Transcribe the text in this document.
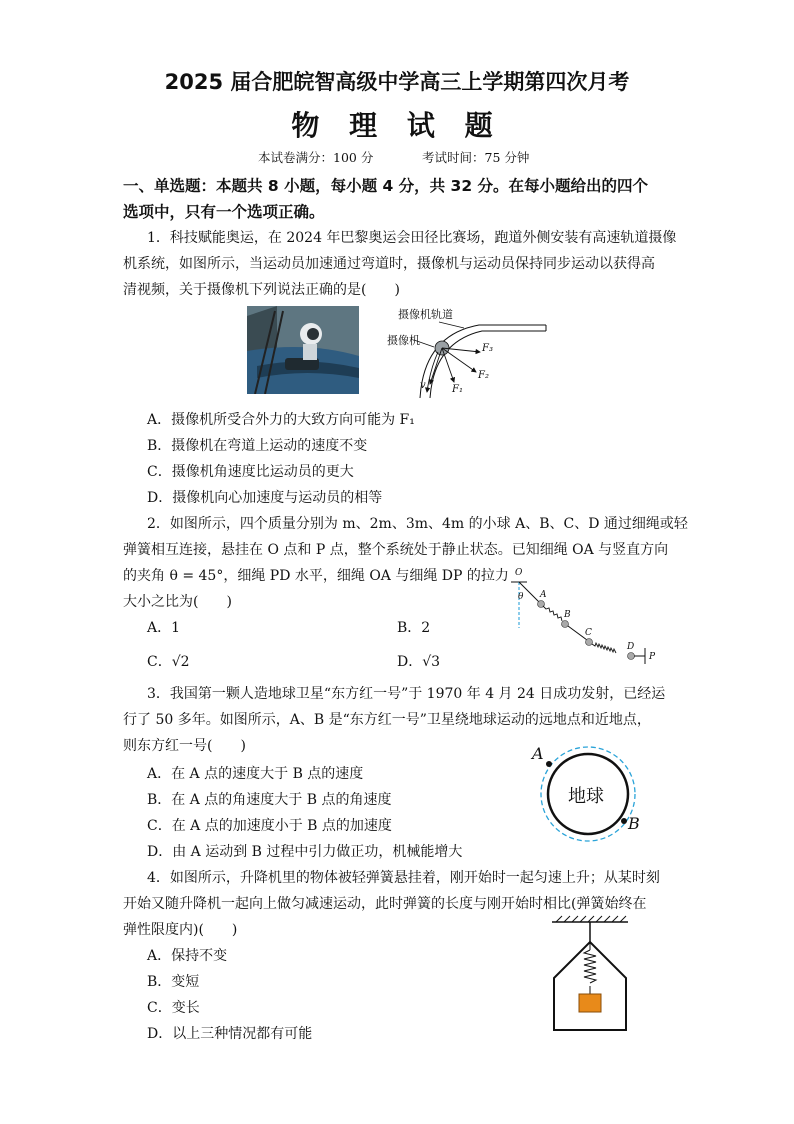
2025 届合肥皖智高级中学高三上学期第四次月考
物 理 试 题
本试卷满分：100 分	考试时间：75 分钟
一、单选题：本题共 8 小题，每小题 4 分，共 32 分。在每小题给出的四个
选项中，只有一个选项正确。
1．科技赋能奥运，在 2024 年巴黎奥运会田径比赛场，跑道外侧安装有高速轨道摄像
机系统，如图所示，当运动员加速通过弯道时，摄像机与运动员保持同步运动以获得高
清视频，关于摄像机下列说法正确的是(　　)
摄像机轨道
摄像机
F₃
F₂
F₁
v
A．摄像机所受合外力的大致方向可能为 F₁
B．摄像机在弯道上运动的速度不变
C．摄像机角速度比运动员的更大
D．摄像机向心加速度与运动员的相等
2．如图所示，四个质量分别为 m、2m、3m、4m 的小球 A、B、C、D 通过细绳或轻
弹簧相互连接，悬挂在 O 点和 P 点，整个系统处于静止状态。已知细绳 OA 与竖直方向
的夹角 θ = 45°，细绳 PD 水平，细绳 OA 与细绳 DP 的拉力
大小之比为(　　)
O
θ A
B
C
D
P
A．1	B．2
C．√2	D．√3
3．我国第一颗人造地球卫星“东方红一号”于 1970 年 4 月 24 日成功发射，已经运
行了 50 多年。如图所示，A、B 是“东方红一号”卫星绕地球运动的远地点和近地点，
则东方红一号(　　)
地球
A
B
A．在 A 点的速度大于 B 点的速度
B．在 A 点的角速度大于 B 点的角速度
C．在 A 点的加速度小于 B 点的加速度
D．由 A 运动到 B 过程中引力做正功，机械能增大
4．如图所示，升降机里的物体被轻弹簧悬挂着，刚开始时一起匀速上升；从某时刻
开始又随升降机一起向上做匀减速运动，此时弹簧的长度与刚开始时相比(弹簧始终在
弹性限度内)(　　)
A．保持不变
B．变短
C．变长
D．以上三种情况都有可能
